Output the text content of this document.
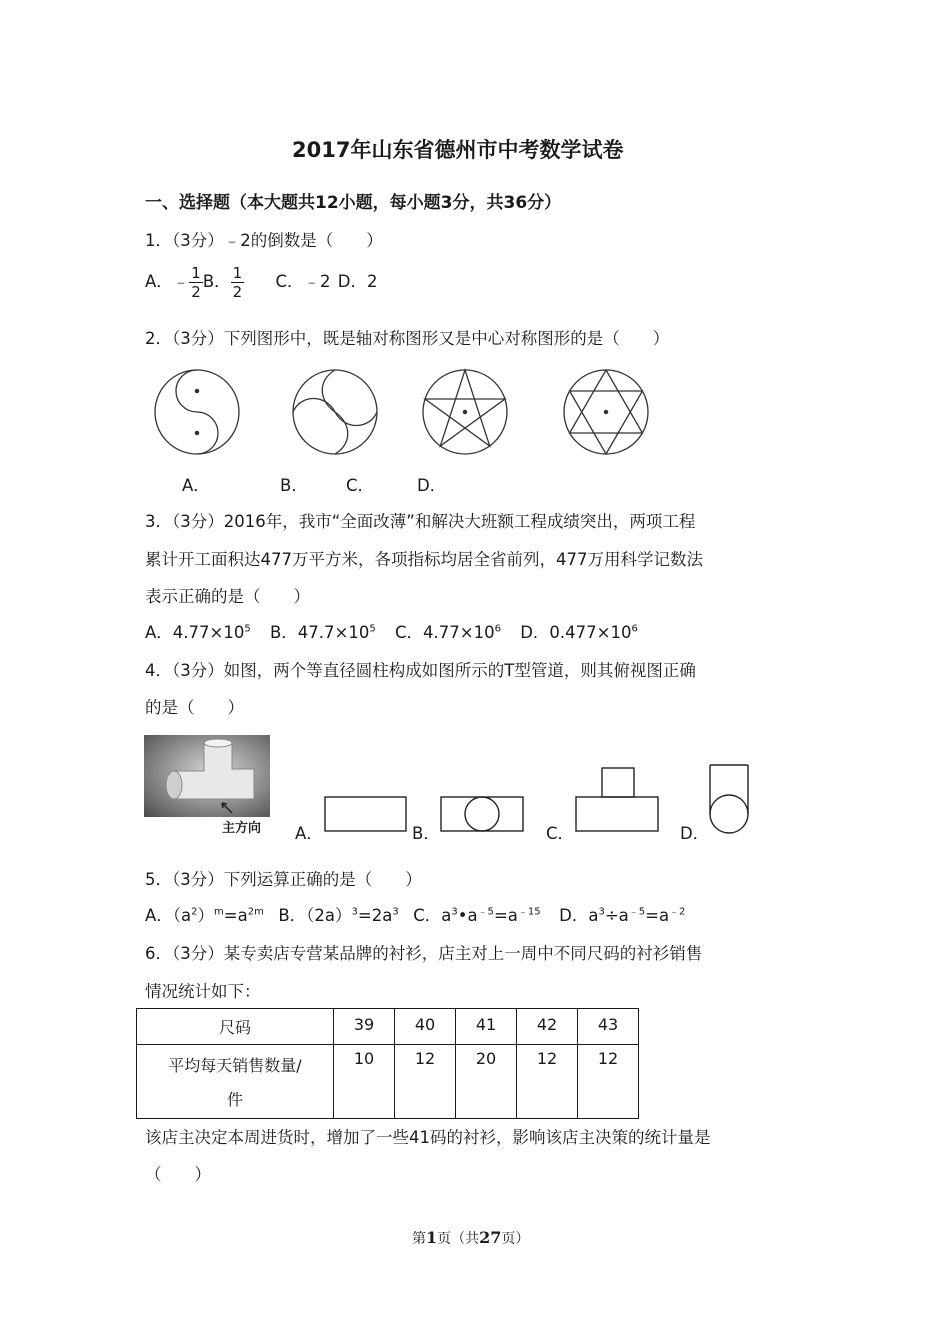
2017年山东省德州市中考数学试卷
一、选择题（本大题共12小题，每小题3分，共36分）
1．（3分）﹣2的倒数是（　　）
A．﹣ $\frac{1}{2}$ B． $\frac{1}{2}$ C．﹣2 D．2
2．（3分）下列图形中，既是轴对称图形又是中心对称图形的是（　　）
A．	B． C．	D．
3．（3分）2016年，我市“全面改薄”和解决大班额工程成绩突出，两项工程
累计开工面积达477万平方米，各项指标均居全省前列，477万用科学记数法
表示正确的是（　　）
A．$4.77\times 10^5$ B．$47.7\times 10^5$ C．$4.77\times 10^6$ D．$0.477\times 10^6$
4．（3分）如图，两个等直径圆柱构成如图所示的T型管道，则其俯视图正确
的是（　　）
主方向 A．	B．	C．	D．
5．（3分）下列运算正确的是（　　）
A．$(a^2)^m=a^{2m}$ B．$(2a)^3=2a^3$ C．$a^3•a^{﹣5}=a^{﹣15}$ D．$a^3\div a^{﹣5}=a^{﹣2}$
6．（3分）某专卖店专营某品牌的衬衫，店主对上一周中不同尺码的衬衫销售
情况统计如下：
尺码	39	40	41	42	43

平均每天销售数量/
件	10	12	20	12	12
该店主决定本周进货时，增加了一些41码的衬衫，影响该店主决策的统计量是
（　　）
第1页（共27页）
